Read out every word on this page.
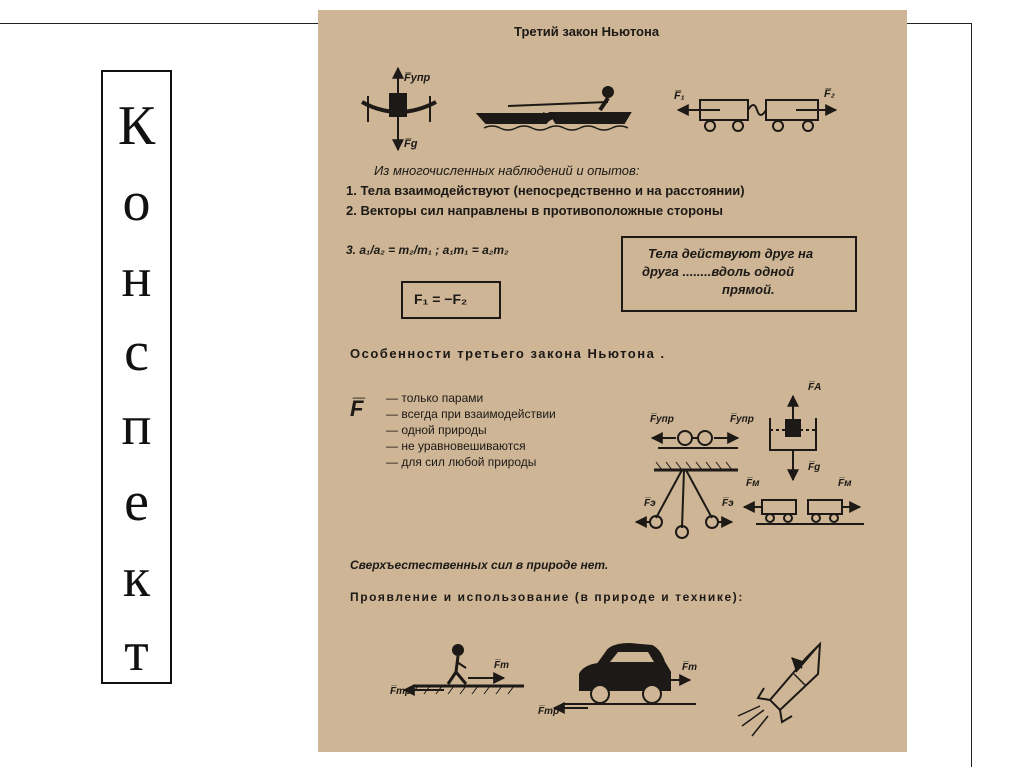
К
о
н
с
п
е
к
т
Третий закон Ньютона
F̅упр
F̅g
F̅₁	F̅₂
Из многочисленных наблюдений и опытов:
1. Тела взаимодействуют (непосредственно и на расстоянии)
2. Векторы сил направлены в противоположные стороны
3. a₁/a₂ = m₂/m₁ ; a₁m₁ = a₂m₂
F₁ = −F₂
Тела действуют друг на
друга ........вдоль одной
прямой.
Особенности третьего закона Ньютона .
F̅ — только парами
— всегда при взаимодействии
— одной природы
— не уравновешиваются
— для сил любой природы
F̅упр	F̅упр
F̅A
F̅g
F̅э	F̅э
F̅м	F̅м
Сверхъестественных сил в природе нет.
Проявление и использование (в природе и технике):
F̅тр
F̅т
F̅тр
F̅т
